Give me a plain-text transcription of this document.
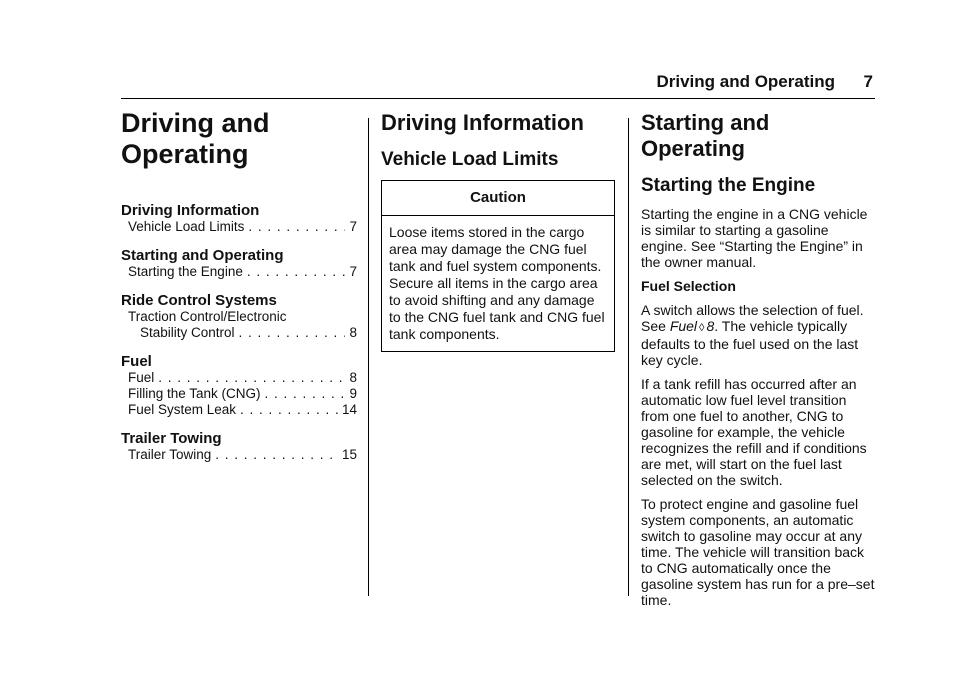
Driving and Operating 7
Driving and
Operating
Driving Information
Vehicle Load Limits . . .	7
Starting and Operating
Starting the Engine . . .	7
Ride Control Systems
Traction Control/Electronic
Stability Control . . .	8
Fuel
Fuel . . .	8
Filling the Tank (CNG) . . .	9
Fuel System Leak . . .	14
Trailer Towing
Trailer Towing . . .	15
Driving Information
Vehicle Load Limits
Caution
Loose items stored in the cargo area may damage the CNG fuel tank and fuel system components. Secure all items in the cargo area to avoid shifting and any damage to the CNG fuel tank and CNG fuel tank components.
Starting and
Operating
Starting the Engine

Starting the engine in a CNG vehicle is similar to starting a gasoline engine. See “Starting the Engine” in the owner manual.

Fuel Selection

A switch allows the selection of fuel. See Fuel ◊ 8. The vehicle typically defaults to the fuel used on the last key cycle.

If a tank refill has occurred after an automatic low fuel level transition from one fuel to another, CNG to gasoline for example, the vehicle recognizes the refill and if conditions are met, will start on the fuel last selected on the switch.

To protect engine and gasoline fuel system components, an automatic switch to gasoline may occur at any time. The vehicle will transition back to CNG automatically once the gasoline system has run for a pre–set time.
